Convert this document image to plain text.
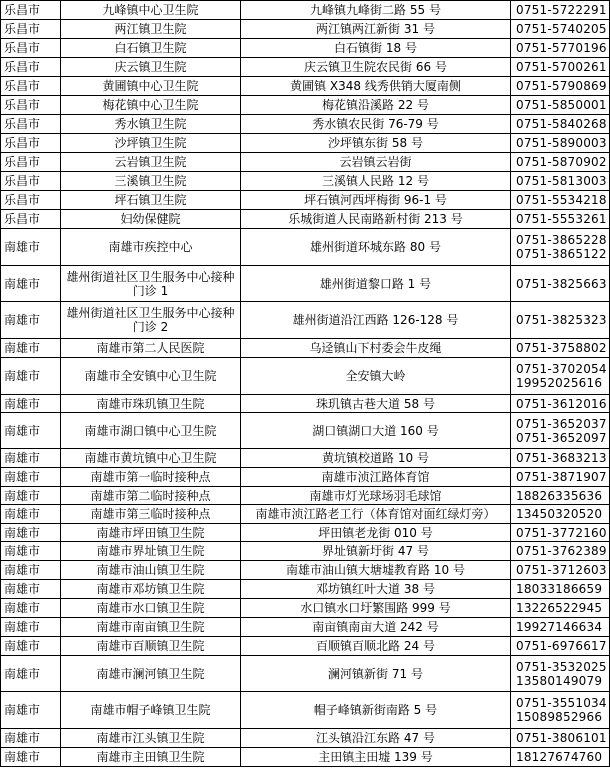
乐昌市	九峰镇中心卫生院	九峰镇九峰街二路 55 号	0751-5722291

乐昌市	两江镇卫生院	两江镇两江新街 31 号	0751-5740205

乐昌市	白石镇卫生院	白石镇街 18 号	0751-5770196

乐昌市	庆云镇卫生院	庆云镇卫生院农民街 66 号	0751-5700261

乐昌市	黄圃镇中心卫生院	黄圃镇 X348 线秀供销大厦南侧	0751-5790869

乐昌市	梅花镇中心卫生院	梅花镇沿溪路 22 号	0751-5850001

乐昌市	秀水镇卫生院	秀水镇农民街 76-79 号	0751-5840268

乐昌市	沙坪镇卫生院	沙坪镇东街 58 号	0751-5890003

乐昌市	云岩镇卫生院	云岩镇云岩街	0751-5870902

乐昌市	三溪镇卫生院	三溪镇人民路 12 号	0751-5813003

乐昌市	坪石镇卫生院	坪石镇河西坪梅街 96-1 号	0751-5534218

乐昌市	妇幼保健院	乐城街道人民南路新村街 213 号	0751-5553261

南雄市	南雄市疾控中心	雄州街道环城东路 80 号	0751-3865228
0751-3865122

南雄市	雄州街道社区卫生服务中心接种门诊 1	雄州街道黎口路 1 号	0751-3825663

南雄市	雄州街道社区卫生服务中心接种门诊 2	雄州街道沿江西路 126-128 号	0751-3825323

南雄市	南雄市第二人民医院	乌迳镇山下村委会牛皮绳	0751-3758802

南雄市	南雄市全安镇中心卫生院	全安镇大岭	0751-3702054
19952025616

南雄市	南雄市珠玑镇卫生院	珠玑镇古巷大道 58 号	0751-3612016

南雄市	南雄市湖口镇中心卫生院	湖口镇湖口大道 160 号	0751-3652037
0751-3652097

南雄市	南雄市黄坑镇中心卫生院	黄坑镇校道路 10 号	0751-3683213

南雄市	南雄市第一临时接种点	南雄市浈江路体育馆	0751-3871907

南雄市	南雄市第二临时接种点	南雄市灯光球场羽毛球馆	18826335636

南雄市	南雄市第三临时接种点	南雄市浈江路老工行（体育馆对面红绿灯旁）	13450320520

南雄市	南雄市坪田镇卫生院	坪田镇老龙街 010 号	0751-3772160

南雄市	南雄市界址镇卫生院	界址镇新圩街 47 号	0751-3762389

南雄市	南雄市油山镇卫生院	南雄市油山镇大塘墟教育路 10 号	0751-3712603

南雄市	南雄市邓坊镇卫生院	邓坊镇红叶大道 38 号	18033186659

南雄市	南雄市水口镇卫生院	水口镇水口圩繁围路 999 号	13226522945

南雄市	南雄市南亩镇卫生院	南亩镇南亩大道 242 号	19927146634

南雄市	南雄市百顺镇卫生院	百顺镇百顺北路 24 号	0751-6976617

南雄市	南雄市澜河镇卫生院	澜河镇新街 71 号	0751-3532025
13580149079

南雄市	南雄市帽子峰镇卫生院	帽子峰镇新街南路 5 号	0751-3551034
15089852966

南雄市	南雄市江头镇卫生院	江头镇沿江东路 47 号	0751-3806101

南雄市	南雄市主田镇卫生院	主田镇主田墟 139 号	18127674760
